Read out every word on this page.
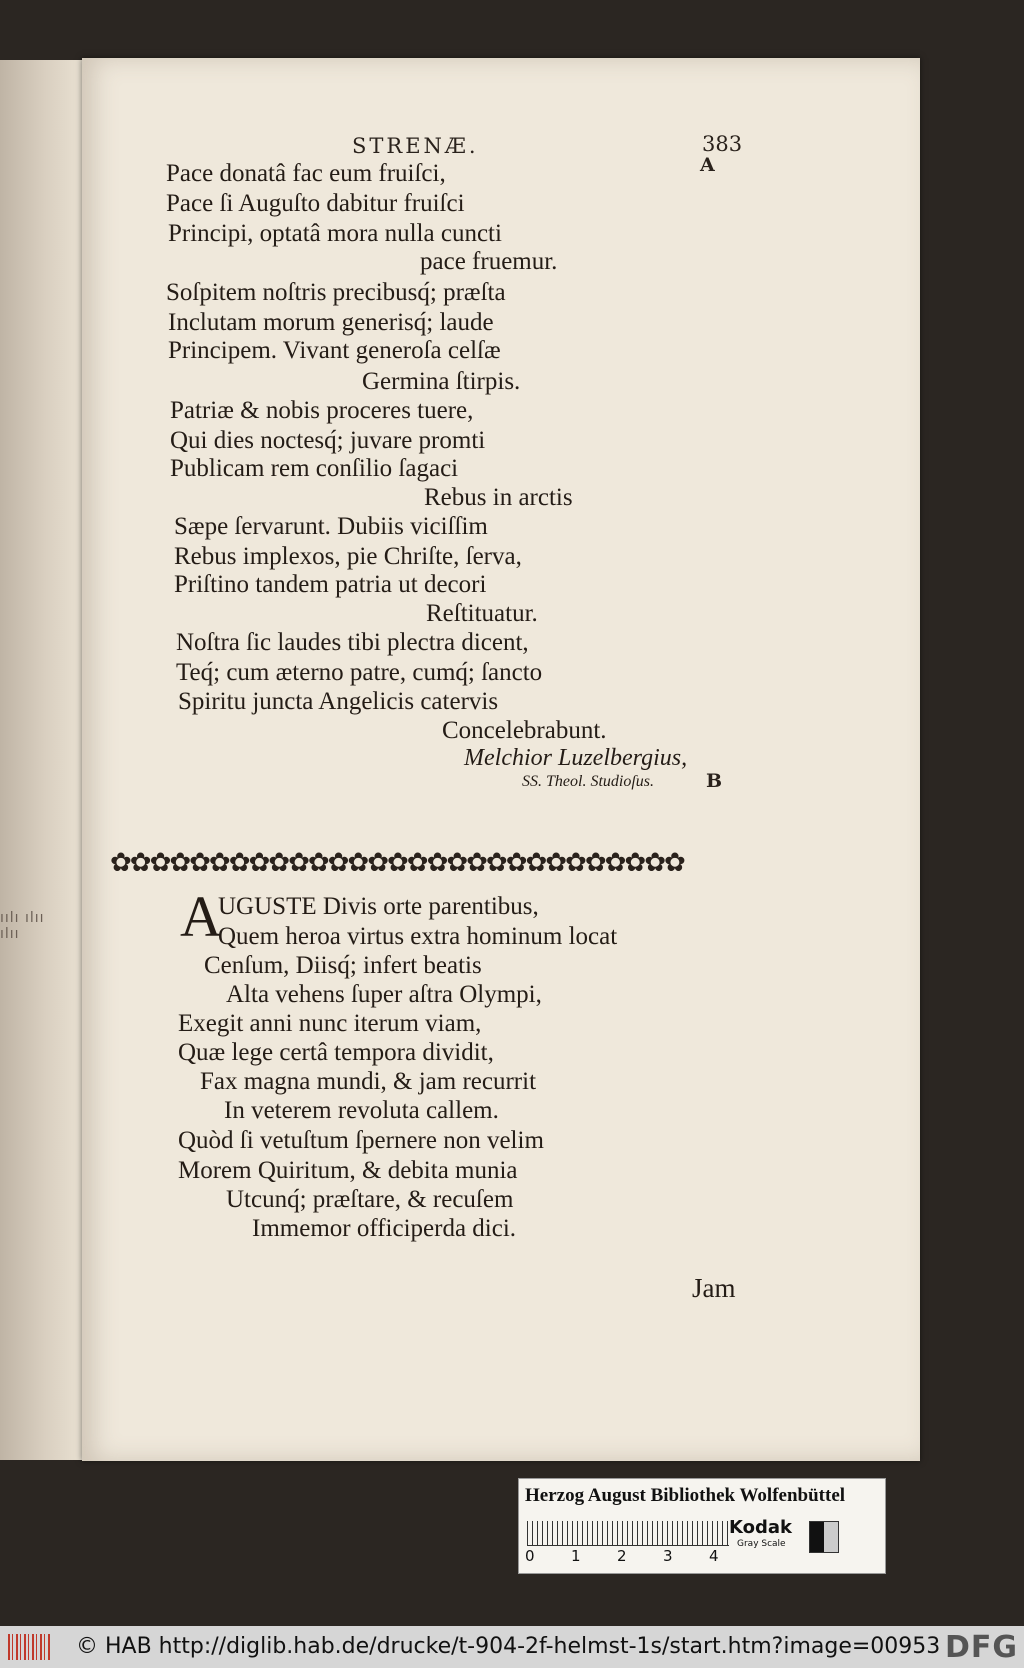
ıılı ılıı ılıı
STRENÆ.	383
A
B
Pace donatâ fac eum fruiſci,
Pace ſi Auguſto dabitur fruiſci
Principi, optatâ mora nulla cuncti
pace fruemur.
Soſpitem noſtris precibusq́; præſta
Inclutam morum generisq́; laude
Principem. Vivant generoſa celſæ
Germina ſtirpis.
Patriæ & nobis proceres tuere,
Qui dies noctesq́; juvare promti
Publicam rem conſilio ſagaci
Rebus in arctis
Sæpe ſervarunt. Dubiis viciſſim
Rebus implexos, pie Chriſte, ſerva,
Priſtino tandem patria ut decori
Reſtituatur.
Noſtra ſic laudes tibi plectra dicent,
Teq́; cum æterno patre, cumq́; ſancto
Spiritu juncta Angelicis catervis
Concelebrabunt.
Melchior Luzelbergius,
SS. Theol. Studioſus.
✿✿✿✿✿✿✿✿✿✿✿✿✿✿✿✿✿✿✿✿✿✿✿✿✿✿✿✿✿
A
UGUSTE Divis orte parentibus,
Quem heroa virtus extra hominum locat
Cenſum, Diisq́; infert beatis
Alta vehens ſuper aſtra Olympi,
Exegit anni nunc iterum viam,
Quæ lege certâ tempora dividit,
Fax magna mundi, & jam recurrit
In veterem revoluta callem.
Quòd ſi vetuſtum ſpernere non velim
Morem Quiritum, & debita munia
Utcunq́; præſtare, & recuſem
Immemor officiperda dici.
Jam
Herzog August Bibliothek Wolfenbüttel
0 1 2 3 4
Kodak
Gray Scale
© HAB http://diglib.hab.de/drucke/t-904-2f-helmst-1s/start.htm?image=00953 DFG
